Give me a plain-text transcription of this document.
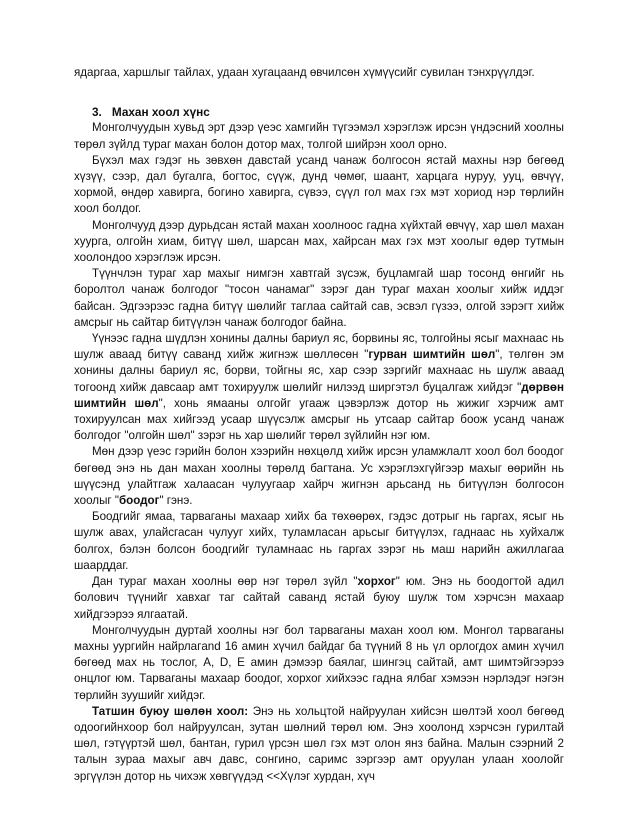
ядаргаа, харшлыг тайлах, удаан хугацаанд өвчилсөн хүмүүсийг сувилан тэнхрүүлдэг.

3. Махан хоол хүнс

Монголчуудын хувьд эрт дээр үеэс хамгийн түгээмэл хэрэглэж ирсэн үндэсний хоолны төрөл зүйлд тураг махан болон дотор мах, толгой шийрэн хоол орно.

Бүхэл мах гэдэг нь зөвхөн давстай усанд чанаж болгосон ястай махны нэр бөгөөд хүзүү, сээр, дал бугалга, богтос, сүүж, дунд чөмөг, шаант, харцага нуруу, ууц, өвчүү, хормой, өндөр хавирга, богино хавирга, сүвээ, сүүл гол мах гэх мэт хориод нэр төрлийн хоол болдог.

Монголчууд дээр дурьдсан ястай махан хоолноос гадна хүйхтай өвчүү, хар шөл махан хуурга, олгойн хиам, битүү шөл, шарсан мах, хайрсан мах гэх мэт хоолыг өдөр тутмын хоолондоо хэрэглэж ирсэн.

Түүнчлэн тураг хар махыг нимгэн хавтгай зүсэж, буцламгай шар тосонд өнгийг нь боролтол чанаж болгодог "тосон чанамаг" зэрэг дан тураг махан хоолыг хийж иддэг байсан. Эдгээрээс гадна битүү шөлийг таглаа сайтай сав, эсвэл гүзээ, олгой зэрэгт хийж амсрыг нь сайтар битүүлэн чанаж болгодог байна.

Үүнээс гадна шүдлэн хонины далны бариул яс, борвины яс, толгойны ясыг махнаас нь шулж аваад битүү саванд хийж жигнэж шөллөсөн "гурван шимтийн шөл", төлгөн эм хонины далны бариул яс, борви, тойгны яс, хар сээр зэргийг махнаас нь шулж аваад тогоонд хийж давсаар амт тохируулж шөлийг нилээд ширгэтэл буцалгаж хийдэг "дөрвөн шимтийн шөл", хонь ямааны олгойг угааж цэвэрлэж дотор нь жижиг хэрчиж амт тохируулсан мах хийгээд усаар шүүсэлж амсрыг нь утсаар сайтар боож усанд чанаж болгодог "олгойн шөл" зэрэг нь хар шөлийг төрөл зүйлийн нэг юм.

Мөн дээр үеэс гэрийн болон хээрийн нөхцөлд хийж ирсэн уламжлалт хоол бол боодог бөгөөд энэ нь дан махан хоолны төрөлд багтана. Ус хэрэглэхгүйгээр махыг өөрийн нь шүүсэнд улайтгаж халаасан чулуугаар хайрч жигнэн арьсанд нь битүүлэн болгосон хоолыг "боодог" гэнэ.

Боодгийг ямаа, тарваганы махаар хийх ба төхөөрөх, гэдэс дотрыг нь гаргах, ясыг нь шулж авах, улайсгасан чулууг хийх, туламласан арьсыг битүүлэх, гаднаас нь хуйхалж болгох, бэлэн болсон боодгийг туламнаас нь гаргах зэрэг нь маш нарийн ажиллагаа шаарддаг.

Дан тураг махан хоолны өөр нэг төрөл зүйл "хорхог" юм. Энэ нь боодогтой адил болович түүнийг хавхаг таг сайтай саванд ястай буюу шулж том хэрчсэн махаар хийдгээрээ ялгаатай.

Монголчуудын дуртай хоолны нэг бол тарваганы махан хоол юм. Монгол тарваганы махны уургийн найрлагand 16 амин хүчил байдаг ба түүний 8 нь үл орлогдох амин хүчил бөгөөд мах нь тослог, A, D, E амин дэмээр баялаг, шингэц сайтай, амт шимтэйгээрээ онцлог юм. Тарваганы махаар боодог, хорхог хийхээс гадна ялбаг хэмээн нэрлэдэг нэгэн төрлийн зуушийг хийдэг.

Татшин буюу шөлөн хоол: Энэ нь хольцтой найруулан хийсэн шөлтэй хоол бөгөөд одоогийнхоор бол найруулсан, зутан шөлний төрөл юм. Энэ хоолонд хэрчсэн гурилтай шөл, гэтүүртэй шөл, бантан, гурил үрсэн шөл гэх мэт олон янз байна. Малын сээрний 2 талын зураа махыг авч давс, сонгино, саримс зэргээр амт оруулан улаан хоолойг эргүүлэн дотор нь чихэж хөвгүүдэд <<Хүлэг хурдан, хүч
